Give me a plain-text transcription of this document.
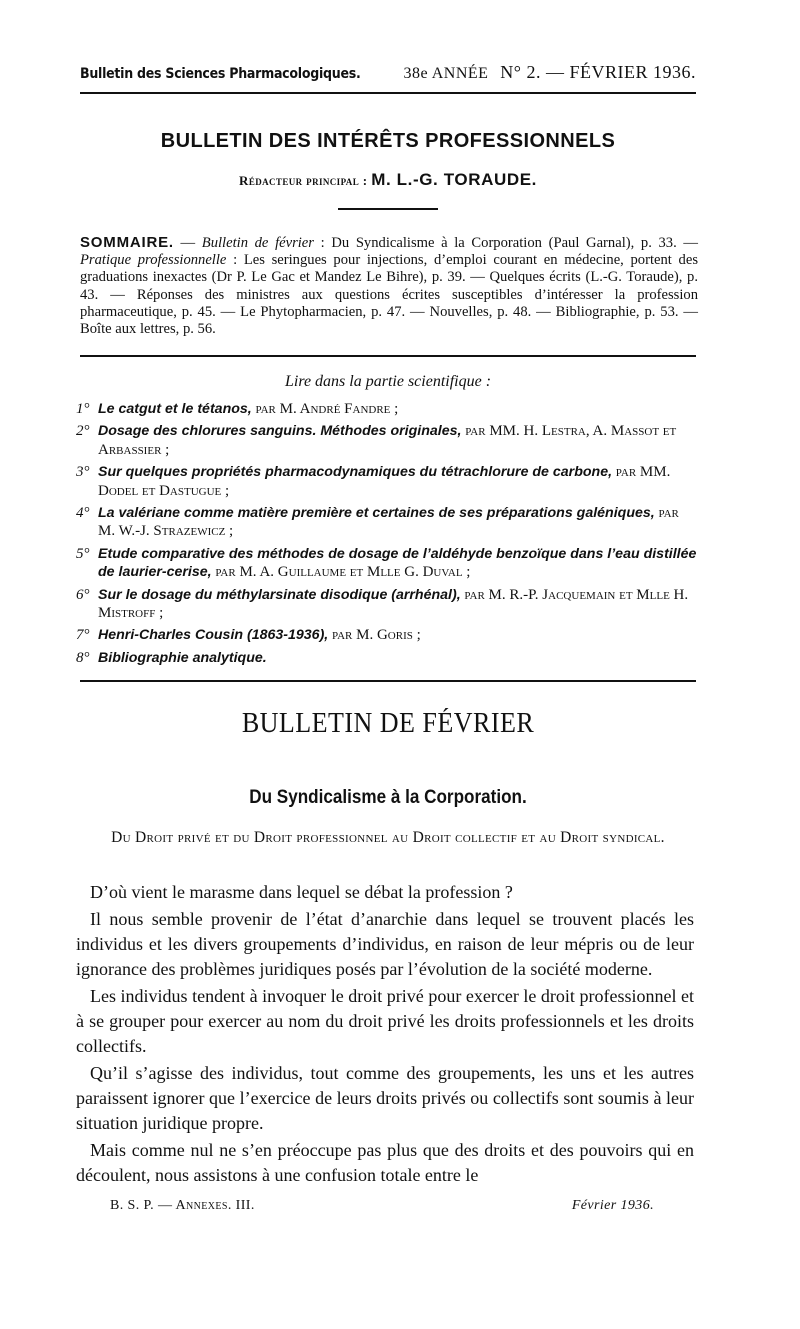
Bulletin des Sciences Pharmacologiques.	38e ANNÉE N° 2. — FÉVRIER 1936.
BULLETIN DES INTÉRÊTS PROFESSIONNELS
Rédacteur principal : M. L.-G. TORAUDE.
SOMMAIRE. — Bulletin de février : Du Syndicalisme à la Corporation (Paul Garnal), p. 33. — Pratique professionnelle : Les seringues pour injections, d’emploi courant en médecine, portent des graduations inexactes (Dr P. Le Gac et Mandez Le Bihre), p. 39. — Quelques écrits (L.-G. Toraude), p. 43. — Réponses des ministres aux questions écrites susceptibles d’intéresser la profession pharmaceutique, p. 45. — Le Phytopharmacien, p. 47. — Nouvelles, p. 48. — Bibliographie, p. 53. — Boîte aux lettres, p. 56.
Lire dans la partie scientifique :
1° Le catgut et le tétanos, par M. André Fandre ;
2° Dosage des chlorures sanguins. Méthodes originales, par MM. H. Lestra, A. Massot et Arbassier ;
3° Sur quelques propriétés pharmacodynamiques du tétrachlorure de carbone, par MM. Dodel et Dastugue ;
4° La valériane comme matière première et certaines de ses préparations galéniques, par M. W.-J. Strazewicz ;
5° Etude comparative des méthodes de dosage de l’aldéhyde benzoïque dans l’eau distillée de laurier-cerise, par M. A. Guillaume et Mlle G. Duval ;
6° Sur le dosage du méthylarsinate disodique (arrhénal), par M. R.-P. Jacquemain et Mlle H. Mistroff ;
7° Henri-Charles Cousin (1863-1936), par M. Goris ;
8° Bibliographie analytique.
BULLETIN DE FÉVRIER
Du Syndicalisme à la Corporation.
Du Droit privé et du Droit professionnel au Droit collectif et au Droit syndical.

D’où vient le marasme dans lequel se débat la profession ?

Il nous semble provenir de l’état d’anarchie dans lequel se trouvent placés les individus et les divers groupements d’individus, en raison de leur mépris ou de leur ignorance des problèmes juridiques posés par l’évolution de la société moderne.

Les individus tendent à invoquer le droit privé pour exercer le droit professionnel et à se grouper pour exercer au nom du droit privé les droits professionnels et les droits collectifs.

Qu’il s’agisse des individus, tout comme des groupements, les uns et les autres paraissent ignorer que l’exercice de leurs droits privés ou collectifs sont soumis à leur situation juridique propre.

Mais comme nul ne s’en préoccupe pas plus que des droits et des pouvoirs qui en découlent, nous assistons à une confusion totale entre le

B. S. P. — Annexes. III.	Février 1936.
